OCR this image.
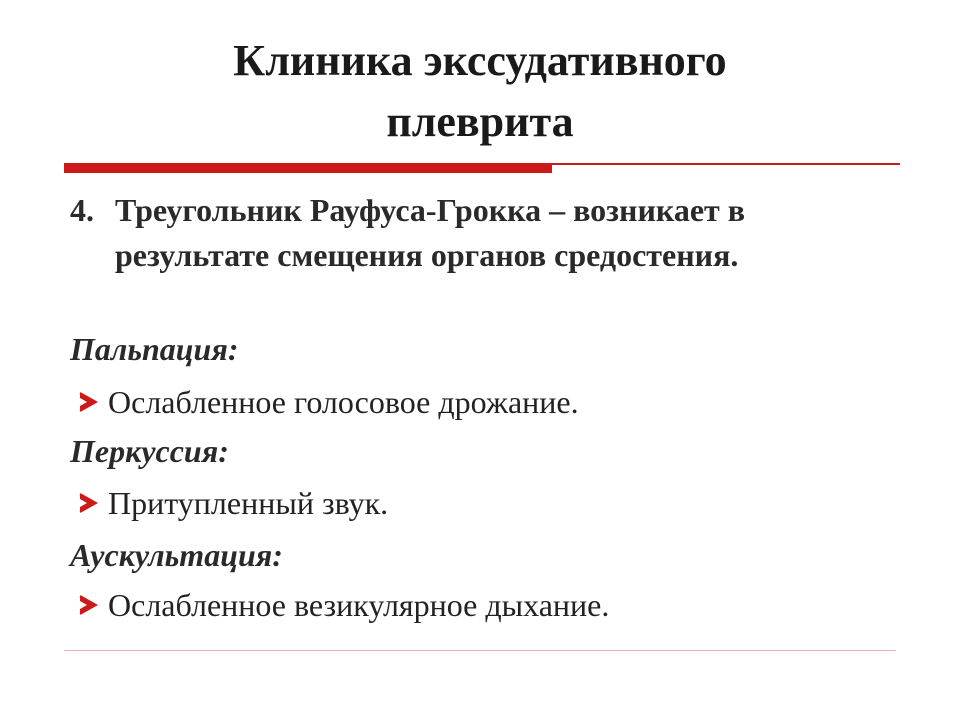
Клиника экссудативного
плеврита
4. Треугольник Рауфуса-Грокка – возникает в результате смещения органов средостения.
Пальпация:
Ослабленное голосовое дрожание.
Перкуссия:
Притупленный звук.
Аускультация:
Ослабленное везикулярное дыхание.
